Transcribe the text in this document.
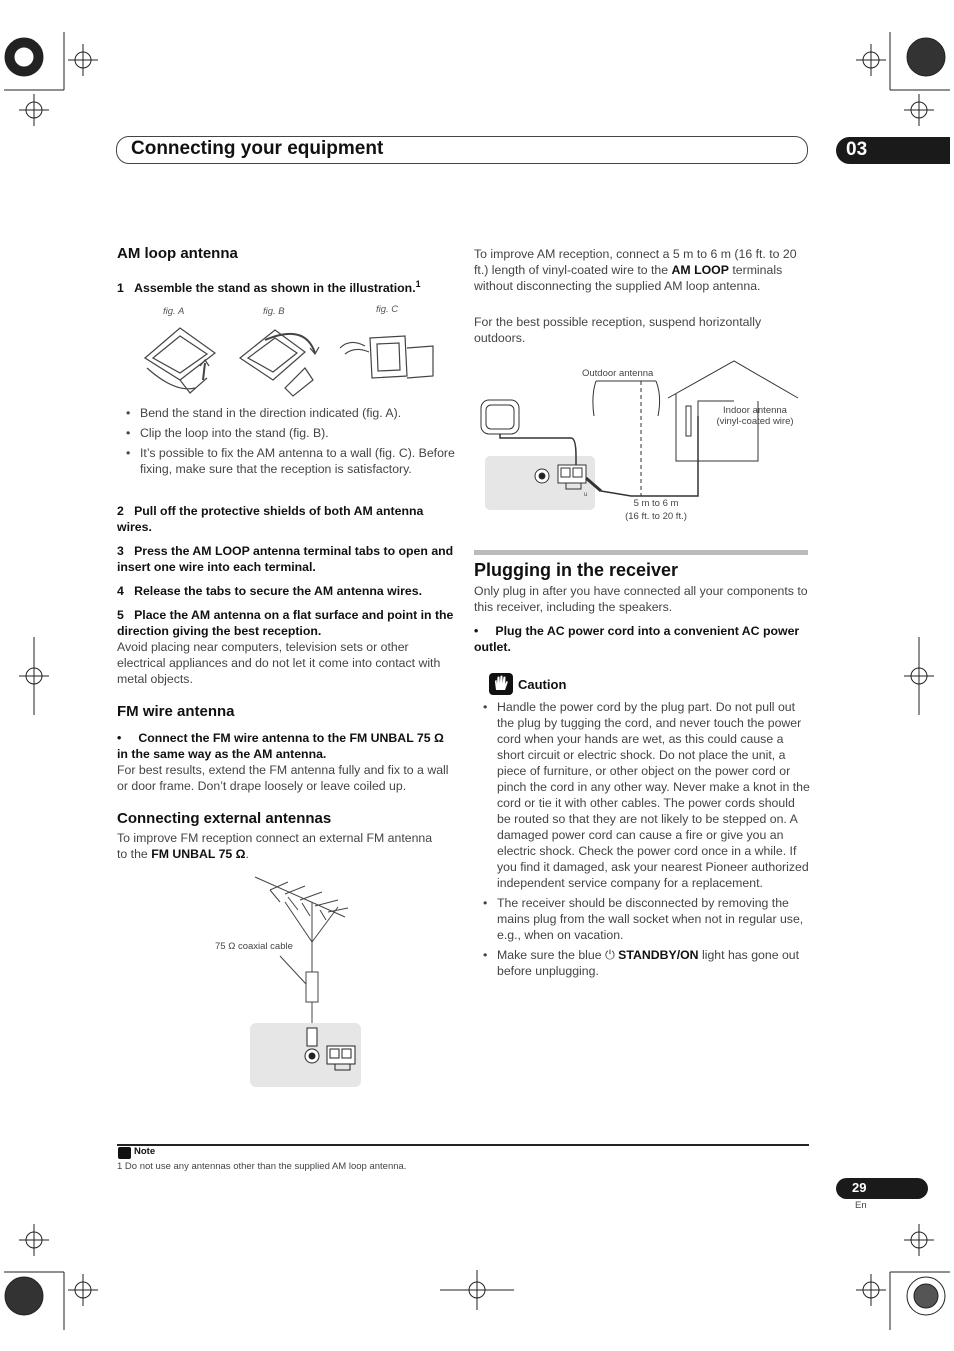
Connecting your equipment	03
AM loop antenna
1 Assemble the stand as shown in the illustration.$^1$
fig. A	fig. B	fig. C
• Bend the stand in the direction indicated (fig. A).
• Clip the loop into the stand (fig. B).
• It’s possible to fix the AM antenna to a wall (fig. C). Before fixing, make sure that the reception is satisfactory.
2   Pull off the protective shields of both AM antenna wires.
3   Press the AM LOOP antenna terminal tabs to open and insert one wire into each terminal.
4   Release the tabs to secure the AM antenna wires.
5   Place the AM antenna on a flat surface and point in the direction giving the best reception.
Avoid placing near computers, television sets or other electrical appliances and do not let it come into contact with metal objects.
FM wire antenna
•     Connect the FM wire antenna to the FM UNBAL 75 Ω in the same way as the AM antenna.
For best results, extend the FM antenna fully and fix to a wall or door frame. Don’t drape loosely or leave coiled up.
Connecting external antennas
To improve FM reception connect an external FM antenna to the FM UNBAL 75 Ω.
75 Ω coaxial cable
To improve AM reception, connect a 5 m to 6 m (16 ft. to 20 ft.) length of vinyl-coated wire to the AM LOOP terminals without disconnecting the supplied AM loop antenna.
For the best possible reception, suspend horizontally outdoors.
u
Outdoor antenna
Indoor antenna
(vinyl-coated wire)
5 m to 6 m
(16 ft. to 20 ft.)
Plugging in the receiver
Only plug in after you have connected all your components to this receiver, including the speakers.
•     Plug the AC power cord into a convenient AC power outlet.
Caution
• Handle the power cord by the plug part. Do not pull out the plug by tugging the cord, and never touch the power cord when your hands are wet, as this could cause a short circuit or electric shock. Do not place the unit, a piece of furniture, or other object on the power cord or pinch the cord in any other way. Never make a knot in the cord or tie it with other cables. The power cords should be routed so that they are not likely to be stepped on. A damaged power cord can cause a fire or give you an electric shock. Check the power cord once in a while. If you find it damaged, ask your nearest Pioneer authorized independent service company for a replacement.
• The receiver should be disconnected by removing the mains plug from the wall socket when not in regular use, e.g., when on vacation.
• Make sure the blue ⏻ STANDBY/ON light has gone out before unplugging.
Note
1 Do not use any antennas other than the supplied AM loop antenna.
29
En
